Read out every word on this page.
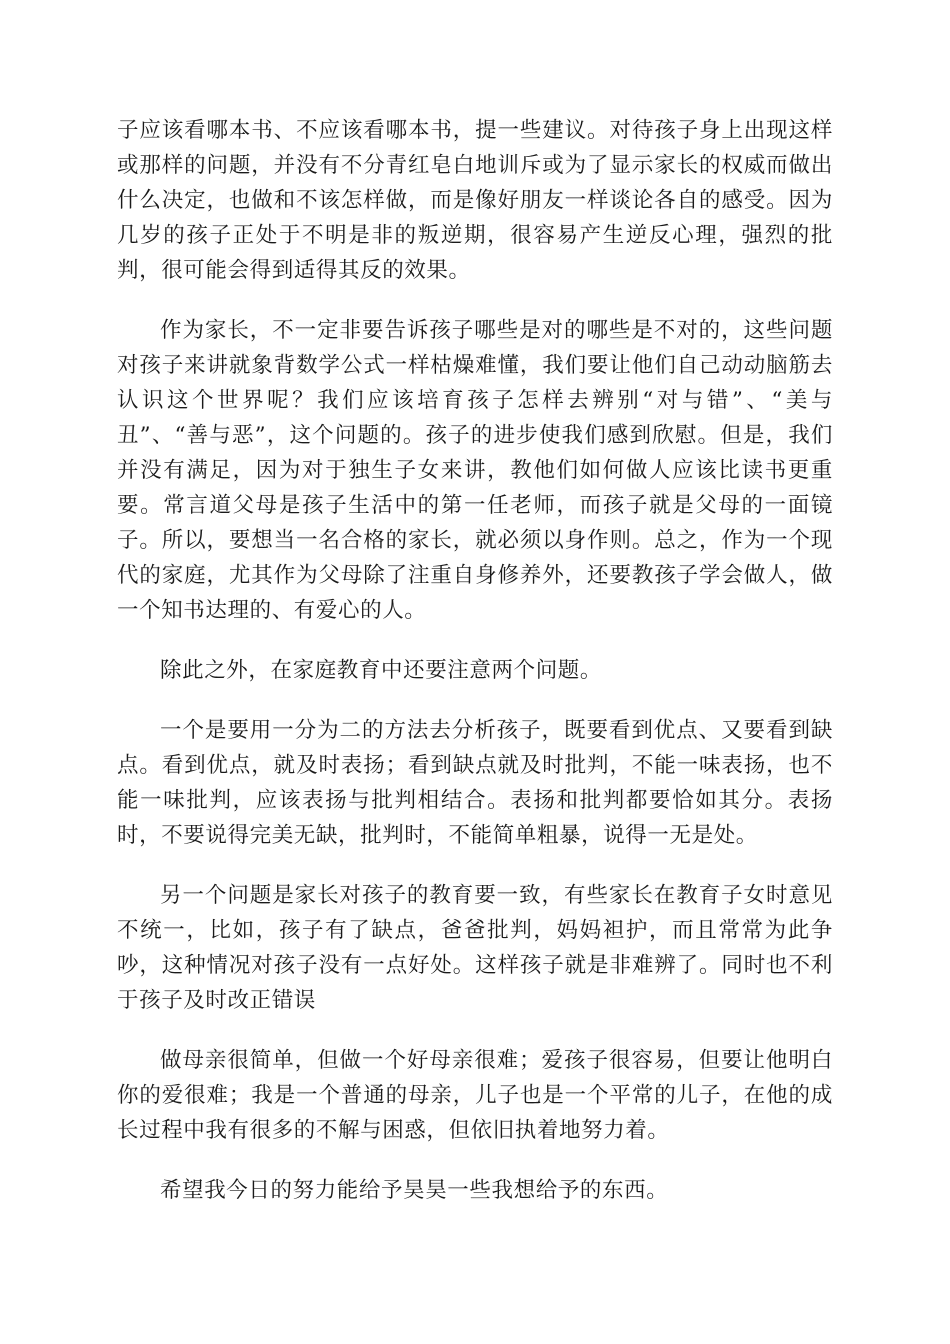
子应该看哪本书、不应该看哪本书，提一些建议。对待孩子身上出现这样或那样的问题，并没有不分青红皂白地训斥或为了显示家长的权威而做出什么决定，也做和不该怎样做，而是像好朋友一样谈论各自的感受。因为几岁的孩子正处于不明是非的叛逆期，很容易产生逆反心理，强烈的批判，很可能会得到适得其反的效果。

作为家长，不一定非要告诉孩子哪些是对的哪些是不对的，这些问题对孩子来讲就象背数学公式一样枯燥难懂，我们要让他们自己动动脑筋去认识这个世界呢？我们应该培育孩子怎样去辨别“对与错”、“美与丑”、“善与恶”，这个问题的。孩子的进步使我们感到欣慰。但是，我们并没有满足，因为对于独生子女来讲，教他们如何做人应该比读书更重要。常言道父母是孩子生活中的第一任老师，而孩子就是父母的一面镜子。所以，要想当一名合格的家长，就必须以身作则。总之，作为一个现代的家庭，尤其作为父母除了注重自身修养外，还要教孩子学会做人，做一个知书达理的、有爱心的人。

除此之外，在家庭教育中还要注意两个问题。

一个是要用一分为二的方法去分析孩子，既要看到优点、又要看到缺点。看到优点，就及时表扬；看到缺点就及时批判，不能一味表扬，也不能一味批判，应该表扬与批判相结合。表扬和批判都要恰如其分。表扬时，不要说得完美无缺，批判时，不能简单粗暴，说得一无是处。

另一个问题是家长对孩子的教育要一致，有些家长在教育子女时意见不统一，比如，孩子有了缺点，爸爸批判，妈妈袒护，而且常常为此争吵，这种情况对孩子没有一点好处。这样孩子就是非难辨了。同时也不利于孩子及时改正错误

做母亲很简单，但做一个好母亲很难；爱孩子很容易，但要让他明白你的爱很难；我是一个普通的母亲，儿子也是一个平常的儿子，在他的成长过程中我有很多的不解与困惑，但依旧执着地努力着。

希望我今日的努力能给予昊昊一些我想给予的东西。
